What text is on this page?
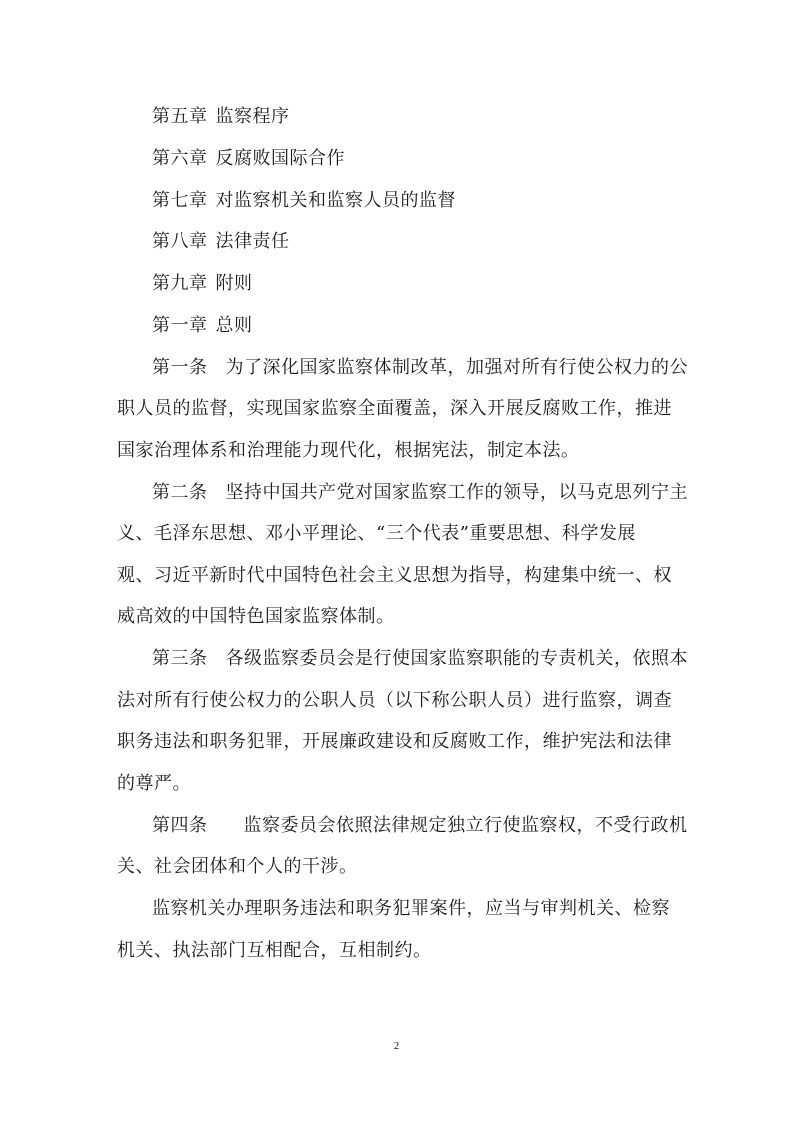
第五章 监察程序
第六章 反腐败国际合作
第七章 对监察机关和监察人员的监督
第八章 法律责任
第九章 附则
第一章 总则
第一条 为了深化国家监察体制改革，加强对所有行使公权力的公
职人员的监督，实现国家监察全面覆盖，深入开展反腐败工作，推进
国家治理体系和治理能力现代化，根据宪法，制定本法。
第二条 坚持中国共产党对国家监察工作的领导，以马克思列宁主
义、毛泽东思想、邓小平理论、“三个代表”重要思想、科学发展
观、习近平新时代中国特色社会主义思想为指导，构建集中统一、权
威高效的中国特色国家监察体制。
第三条 各级监察委员会是行使国家监察职能的专责机关，依照本
法对所有行使公权力的公职人员（以下称公职人员）进行监察，调查
职务违法和职务犯罪，开展廉政建设和反腐败工作，维护宪法和法律
的尊严。
第四条 监察委员会依照法律规定独立行使监察权，不受行政机
关、社会团体和个人的干涉。
监察机关办理职务违法和职务犯罪案件，应当与审判机关、检察
机关、执法部门互相配合，互相制约。
2
